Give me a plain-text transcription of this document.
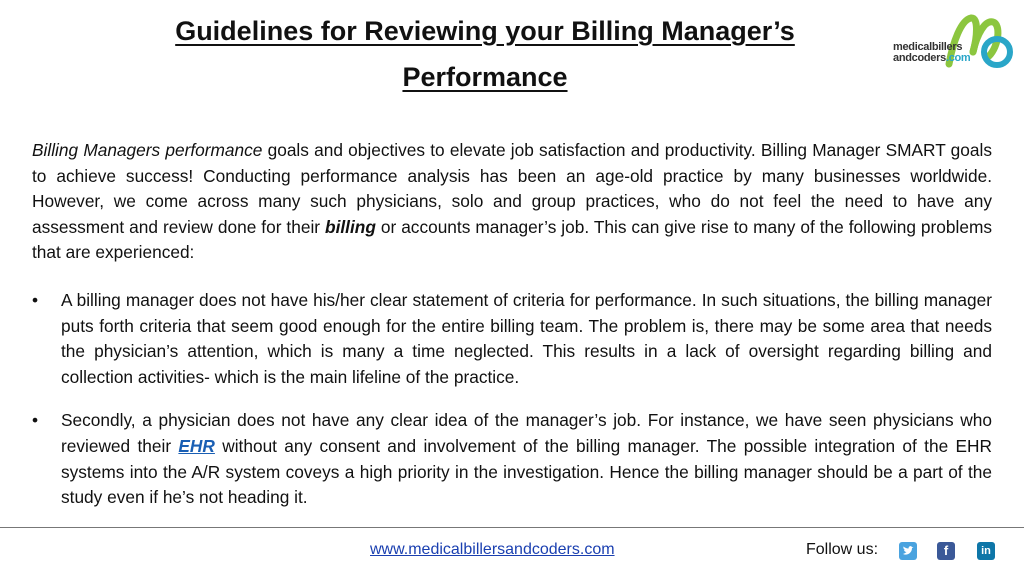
Guidelines for Reviewing your Billing Manager’s Performance
medicalbillers
andcoders.com

Billing Managers performance goals and objectives to elevate job satisfaction and productivity. Billing Manager SMART goals to achieve success! Conducting performance analysis has been an age-old practice by many businesses worldwide. However, we come across many such physicians, solo and group practices, who do not feel the need to have any assessment and review done for their billing or accounts manager’s job. This can give rise to many of the following problems that are experienced:

• A billing manager does not have his/her clear statement of criteria for performance. In such situations, the billing manager puts forth criteria that seem good enough for the entire billing team. The problem is, there may be some area that needs the physician’s attention, which is many a time neglected. This results in a lack of oversight regarding billing and collection activities- which is the main lifeline of the practice.
• Secondly, a physician does not have any clear idea of the manager’s job. For instance, we have seen physicians who reviewed their EHR without any consent and involvement of the billing manager. The possible integration of the EHR systems into the A/R system coveys a high priority in the investigation. Hence the billing manager should be a part of the study even if he’s not heading it.
www.medicalbillersandcoders.com	Follow us:	f	in
